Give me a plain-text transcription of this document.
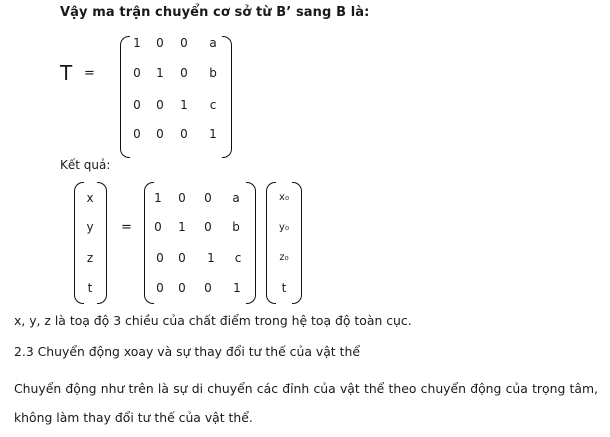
Vậy ma trận chuyển cơ sở từ B’ sang B là:
T =
1 0 0 a
0 1 0 b
0 0 1 c
0 0 0 1
Kết quả:
x
y
z
t
=
1 0 0 a
0 1 0 b
0 0 1 c
0 0 0 1
x₀
y₀
z₀
t
x, y, z là toạ độ 3 chiều của chất điểm trong hệ toạ độ toàn cục.
2.3 Chuyển động xoay và sự thay đổi tư thế của vật thể
Chuyển động như trên là sự di chuyển các đỉnh của vật thể theo chuyển động của trọng tâm, không làm thay đổi tư thế của vật thể.
